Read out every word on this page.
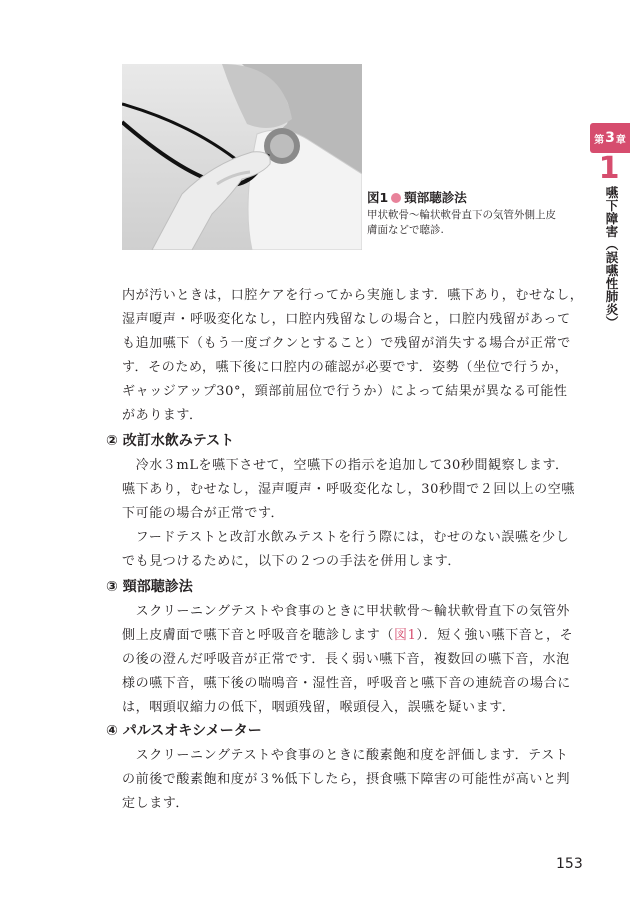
図1 頸部聴診法
甲状軟骨～輪状軟骨直下の気管外側上皮
膚面などで聴診.
第 3 章
1
嚥下障害（誤嚥性肺炎）
内が汚いときは，口腔ケアを行ってから実施します．嚥下あり，むせなし，
湿声嗄声・呼吸変化なし，口腔内残留なしの場合と，口腔内残留があって
も追加嚥下（もう一度ゴクンとすること）で残留が消失する場合が正常で
す．そのため，嚥下後に口腔内の確認が必要です．姿勢（坐位で行うか，
ギャッジアップ30°，頸部前屈位で行うか）によって結果が異なる可能性
があります．
② 改訂水飲みテスト
　冷水３mLを嚥下させて，空嚥下の指示を追加して30秒間観察します．
嚥下あり，むせなし，湿声嗄声・呼吸変化なし，30秒間で２回以上の空嚥
下可能の場合が正常です．
　フードテストと改訂水飲みテストを行う際には，むせのない誤嚥を少し
でも見つけるために，以下の２つの手法を併用します．
③ 頸部聴診法
　スクリーニングテストや食事のときに甲状軟骨～輪状軟骨直下の気管外
側上皮膚面で嚥下音と呼吸音を聴診します（図1）．短く強い嚥下音と，そ
の後の澄んだ呼吸音が正常です．長く弱い嚥下音，複数回の嚥下音，水泡
様の嚥下音，嚥下後の喘鳴音・湿性音，呼吸音と嚥下音の連続音の場合に
は，咽頭収縮力の低下，咽頭残留，喉頭侵入，誤嚥を疑います．
④ パルスオキシメーター
　スクリーニングテストや食事のときに酸素飽和度を評価します．テスト
の前後で酸素飽和度が３%低下したら，摂食嚥下障害の可能性が高いと判
定します．
153
